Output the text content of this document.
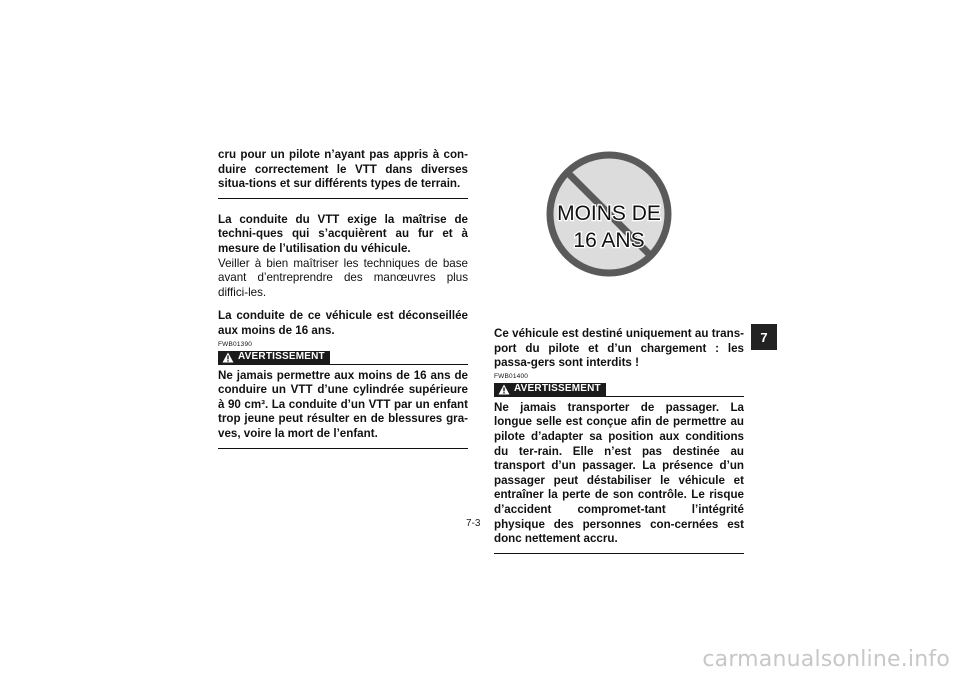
cru pour un pilote n’ayant pas appris à con-duire correctement le VTT dans diverses situa-tions et sur différents types de terrain.

La conduite du VTT exige la maîtrise de techni-ques qui s’acquièrent au fur et à mesure de l’utilisation du véhicule.

Veiller à bien maîtriser les techniques de base avant d’entreprendre des manœuvres plus diffici-les.

La conduite de ce véhicule est déconseillée aux moins de 16 ans.

FWB01390
AVERTISSEMENT

Ne jamais permettre aux moins de 16 ans de conduire un VTT d’une cylindrée supérieure à 90 cm³. La conduite d’un VTT par un enfant trop jeune peut résulter en de blessures gra-ves, voire la mort de l’enfant.

MOINS DE
16 ANS

Ce véhicule est destiné uniquement au trans-port du pilote et d’un chargement : les passa-gers sont interdits !

FWB01400
AVERTISSEMENT

Ne jamais transporter de passager. La longue selle est conçue afin de permettre au pilote d’adapter sa position aux conditions du ter-rain. Elle n’est pas destinée au transport d’un passager. La présence d’un passager peut déstabiliser le véhicule et entraîner la perte de son contrôle. Le risque d’accident compromet-tant l’intégrité physique des personnes con-cernées est donc nettement accru.

7
7-3
carmanualsonline.info
